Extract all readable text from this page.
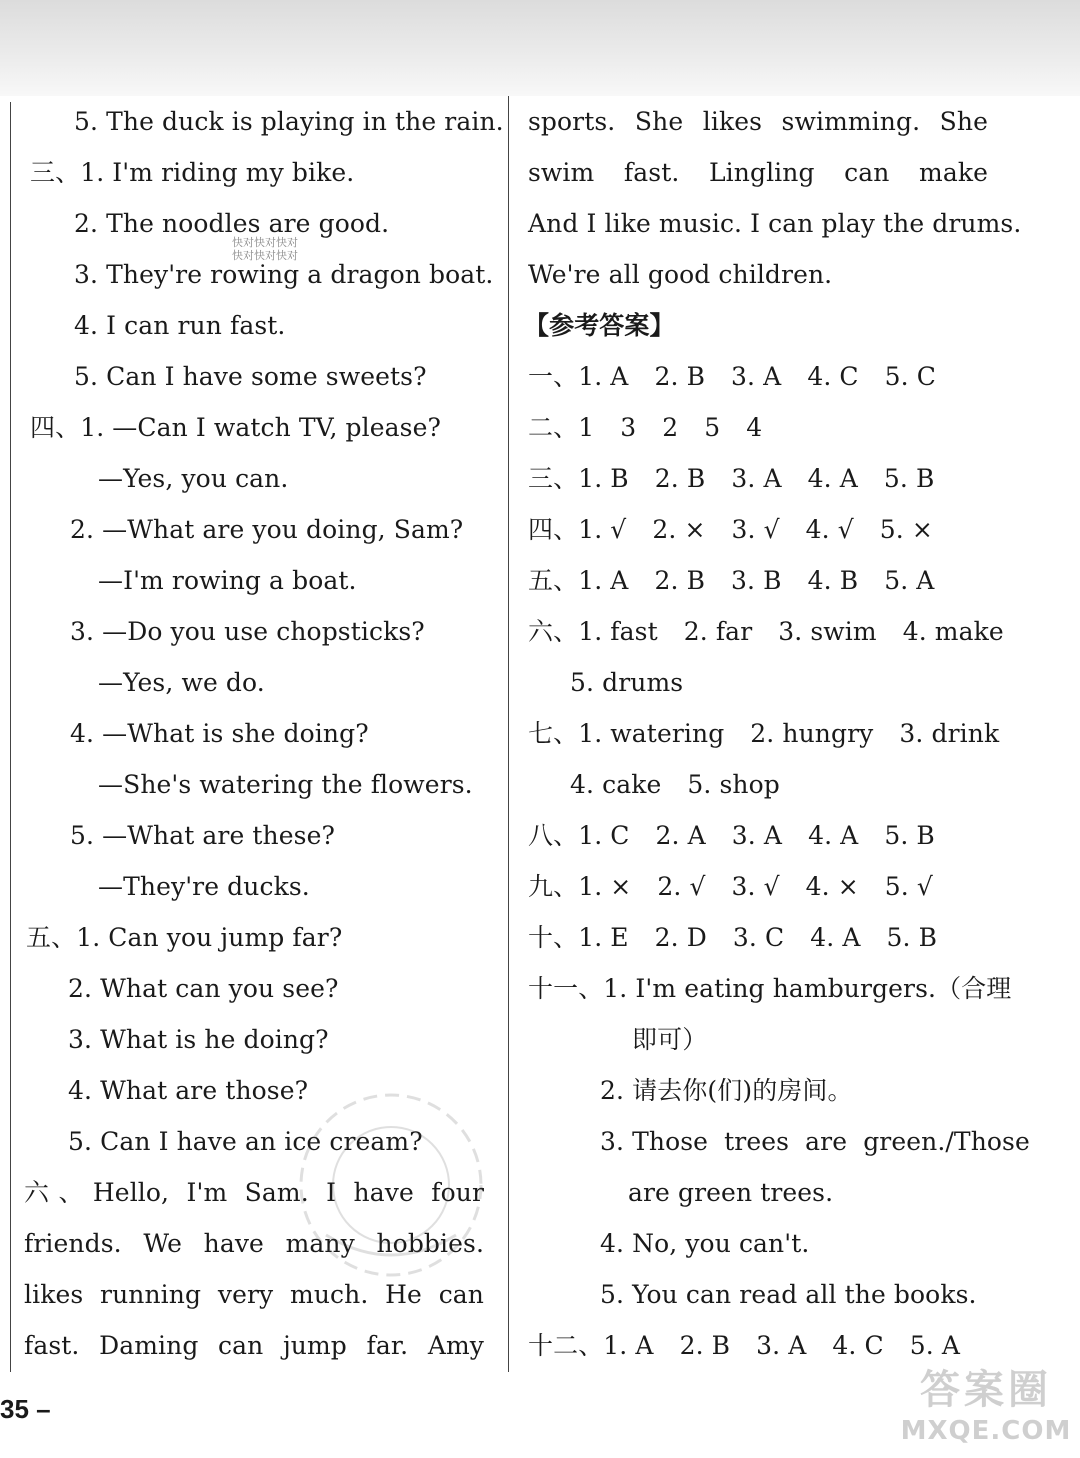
5. The duck is playing in the rain.
三、1. I'm riding my bike.
2. The noodles are good.
3. They're rowing a dragon boat.
4. I can run fast.
5. Can I have some sweets?
四、1. —Can I watch TV, please?
—Yes, you can.
2. —What are you doing, Sam?
—I'm rowing a boat.
3. —Do you use chopsticks?
—Yes, we do.
4. —What is she doing?
—She's watering the flowers.
5. —What are these?
—They're ducks.
五、1. Can you jump far?
2. What can you see?
3. What is he doing?
4. What are those?
5. Can I have an ice cream?
六、Hello, I'm Sam. I have four
friends. We have many hobbies.
likes running very much. He can
fast. Daming can jump far. Amy
sports. She likes swimming. She
swim fast. Lingling can make
And I like music. I can play the drums.
We're all good children.
【参考答案】
一、1. A 2. B 3. A 4. C 5. C
二、1 3 2 5 4
三、1. B 2. B 3. A 4. A 5. B
四、1. √ 2. × 3. √ 4. √ 5. ×
五、1. A 2. B 3. B 4. B 5. A
六、1. fast 2. far 3. swim 4. make
5. drums
七、1. watering 2. hungry 3. drink
4. cake 5. shop
八、1. C 2. A 3. A 4. A 5. B
九、1. × 2. √ 3. √ 4. × 5. √
十、1. E 2. D 3. C 4. A 5. B
十一、1. I'm eating hamburgers.（合理
即可）
2. 请去你(们)的房间。
3. Those  trees  are  green./Those
are green trees.
4. No, you can't.
5. You can read all the books.
十二、1. A 2. B 3. A 4. C 5. A
快对快对快对
快对快对快对
答案圈
MXQE.COM
35 –
